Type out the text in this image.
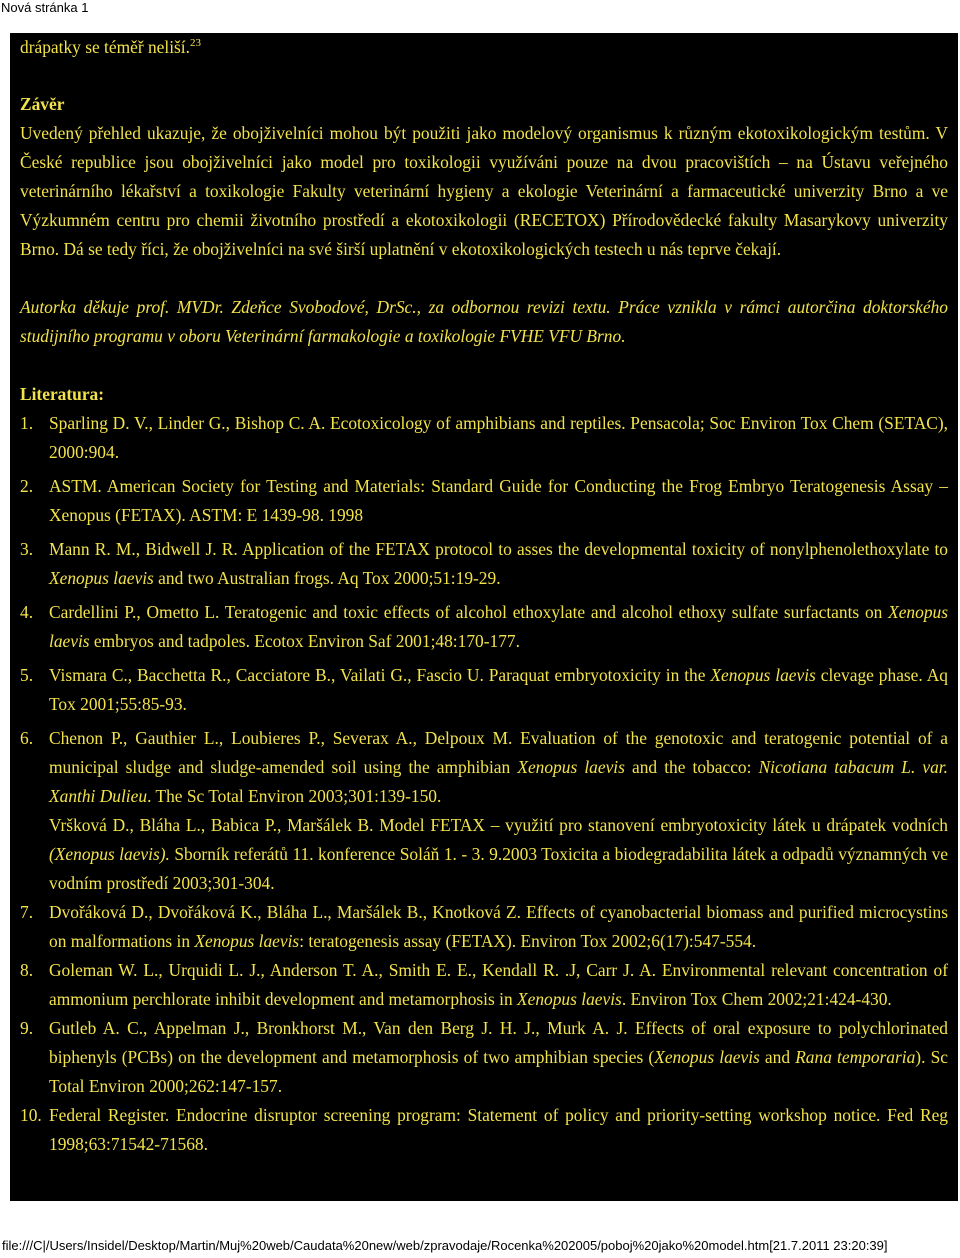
Nová stránka 1
drápatky se téměř neliší.$^{23}$
Závěr

Uvedený přehled ukazuje, že obojživelníci mohou být použiti jako modelový organismus k různým ekotoxikologickým testům. V České republice jsou obojživelníci jako model pro toxikologii využíváni pouze na dvou pracovištích – na Ústavu veřejného veterinárního lékařství a toxikologie Fakulty veterinární hygieny a ekologie Veterinární a farmaceutické univerzity Brno a ve Výzkumném centru pro chemii životního prostředí a ekotoxikologii (RECETOX) Přírodovědecké fakulty Masarykovy univerzity Brno. Dá se tedy říci, že obojživelníci na své širší uplatnění v ekotoxikologických testech u nás teprve čekají.

Autorka děkuje prof. MVDr. Zdeňce Svobodové, DrSc., za odbornou revizi textu. Práce vznikla v rámci autorčina doktorského studijního programu v oboru Veterinární farmakologie a toxikologie FVHE VFU Brno.

Literatura:
1. Sparling D. V., Linder G., Bishop C. A. Ecotoxicology of amphibians and reptiles. Pensacola; Soc Environ Tox Chem (SETAC), 2000:904.

2. ASTM. American Society for Testing and Materials: Standard Guide for Conducting the Frog Embryo Teratogenesis Assay – Xenopus (FETAX). ASTM: E 1439-98. 1998

3. Mann R. M., Bidwell J. R. Application of the FETAX protocol to asses the developmental toxicity of nonylphenolethoxylate to Xenopus laevis and two Australian frogs. Aq Tox 2000;51:19-29.

4. Cardellini P., Ometto L. Teratogenic and toxic effects of alcohol ethoxylate and alcohol ethoxy sulfate surfactants on Xenopus laevis embryos and tadpoles. Ecotox Environ Saf 2001;48:170-177.

5. Vismara C., Bacchetta R., Cacciatore B., Vailati G., Fascio U. Paraquat embryotoxicity in the Xenopus laevis clevage phase. Aq Tox 2001;55:85-93.

6. Chenon P., Gauthier L., Loubieres P., Severax A., Delpoux M. Evaluation of the genotoxic and teratogenic potential of a municipal sludge and sludge-amended soil using the amphibian Xenopus laevis and the tobacco: Nicotiana tabacum L. var. Xanthi Dulieu. The Sc Total Environ 2003;301:139-150.

Vršková D., Bláha L., Babica P., Maršálek B. Model FETAX – využití pro stanovení embryotoxicity látek u drápatek vodních (Xenopus laevis). Sborník referátů 11. konference Soláň 1. - 3. 9.2003 Toxicita a biodegradabilita látek a odpadů významných ve vodním prostředí 2003;301-304.

7. Dvořáková D., Dvořáková K., Bláha L., Maršálek B., Knotková Z. Effects of cyanobacterial biomass and purified microcystins on malformations in Xenopus laevis: teratogenesis assay (FETAX). Environ Tox 2002;6(17):547-554.

8. Goleman W. L., Urquidi L. J., Anderson T. A., Smith E. E., Kendall R. .J, Carr J. A. Environmental relevant concentration of ammonium perchlorate inhibit development and metamorphosis in Xenopus laevis. Environ Tox Chem 2002;21:424-430.

9. Gutleb A. C., Appelman J., Bronkhorst M., Van den Berg J. H. J., Murk A. J. Effects of oral exposure to polychlorinated biphenyls (PCBs) on the development and metamorphosis of two amphibian species (Xenopus laevis and Rana temporaria). Sc Total Environ 2000;262:147-157.

10. Federal Register. Endocrine disruptor screening program: Statement of policy and priority-setting workshop notice. Fed Reg 1998;63:71542-71568.

file:///C|/Users/Insidel/Desktop/Martin/Muj%20web/Caudata%20new/web/zpravodaje/Rocenka%202005/poboj%20jako%20model.htm[21.7.2011 23:20:39]
